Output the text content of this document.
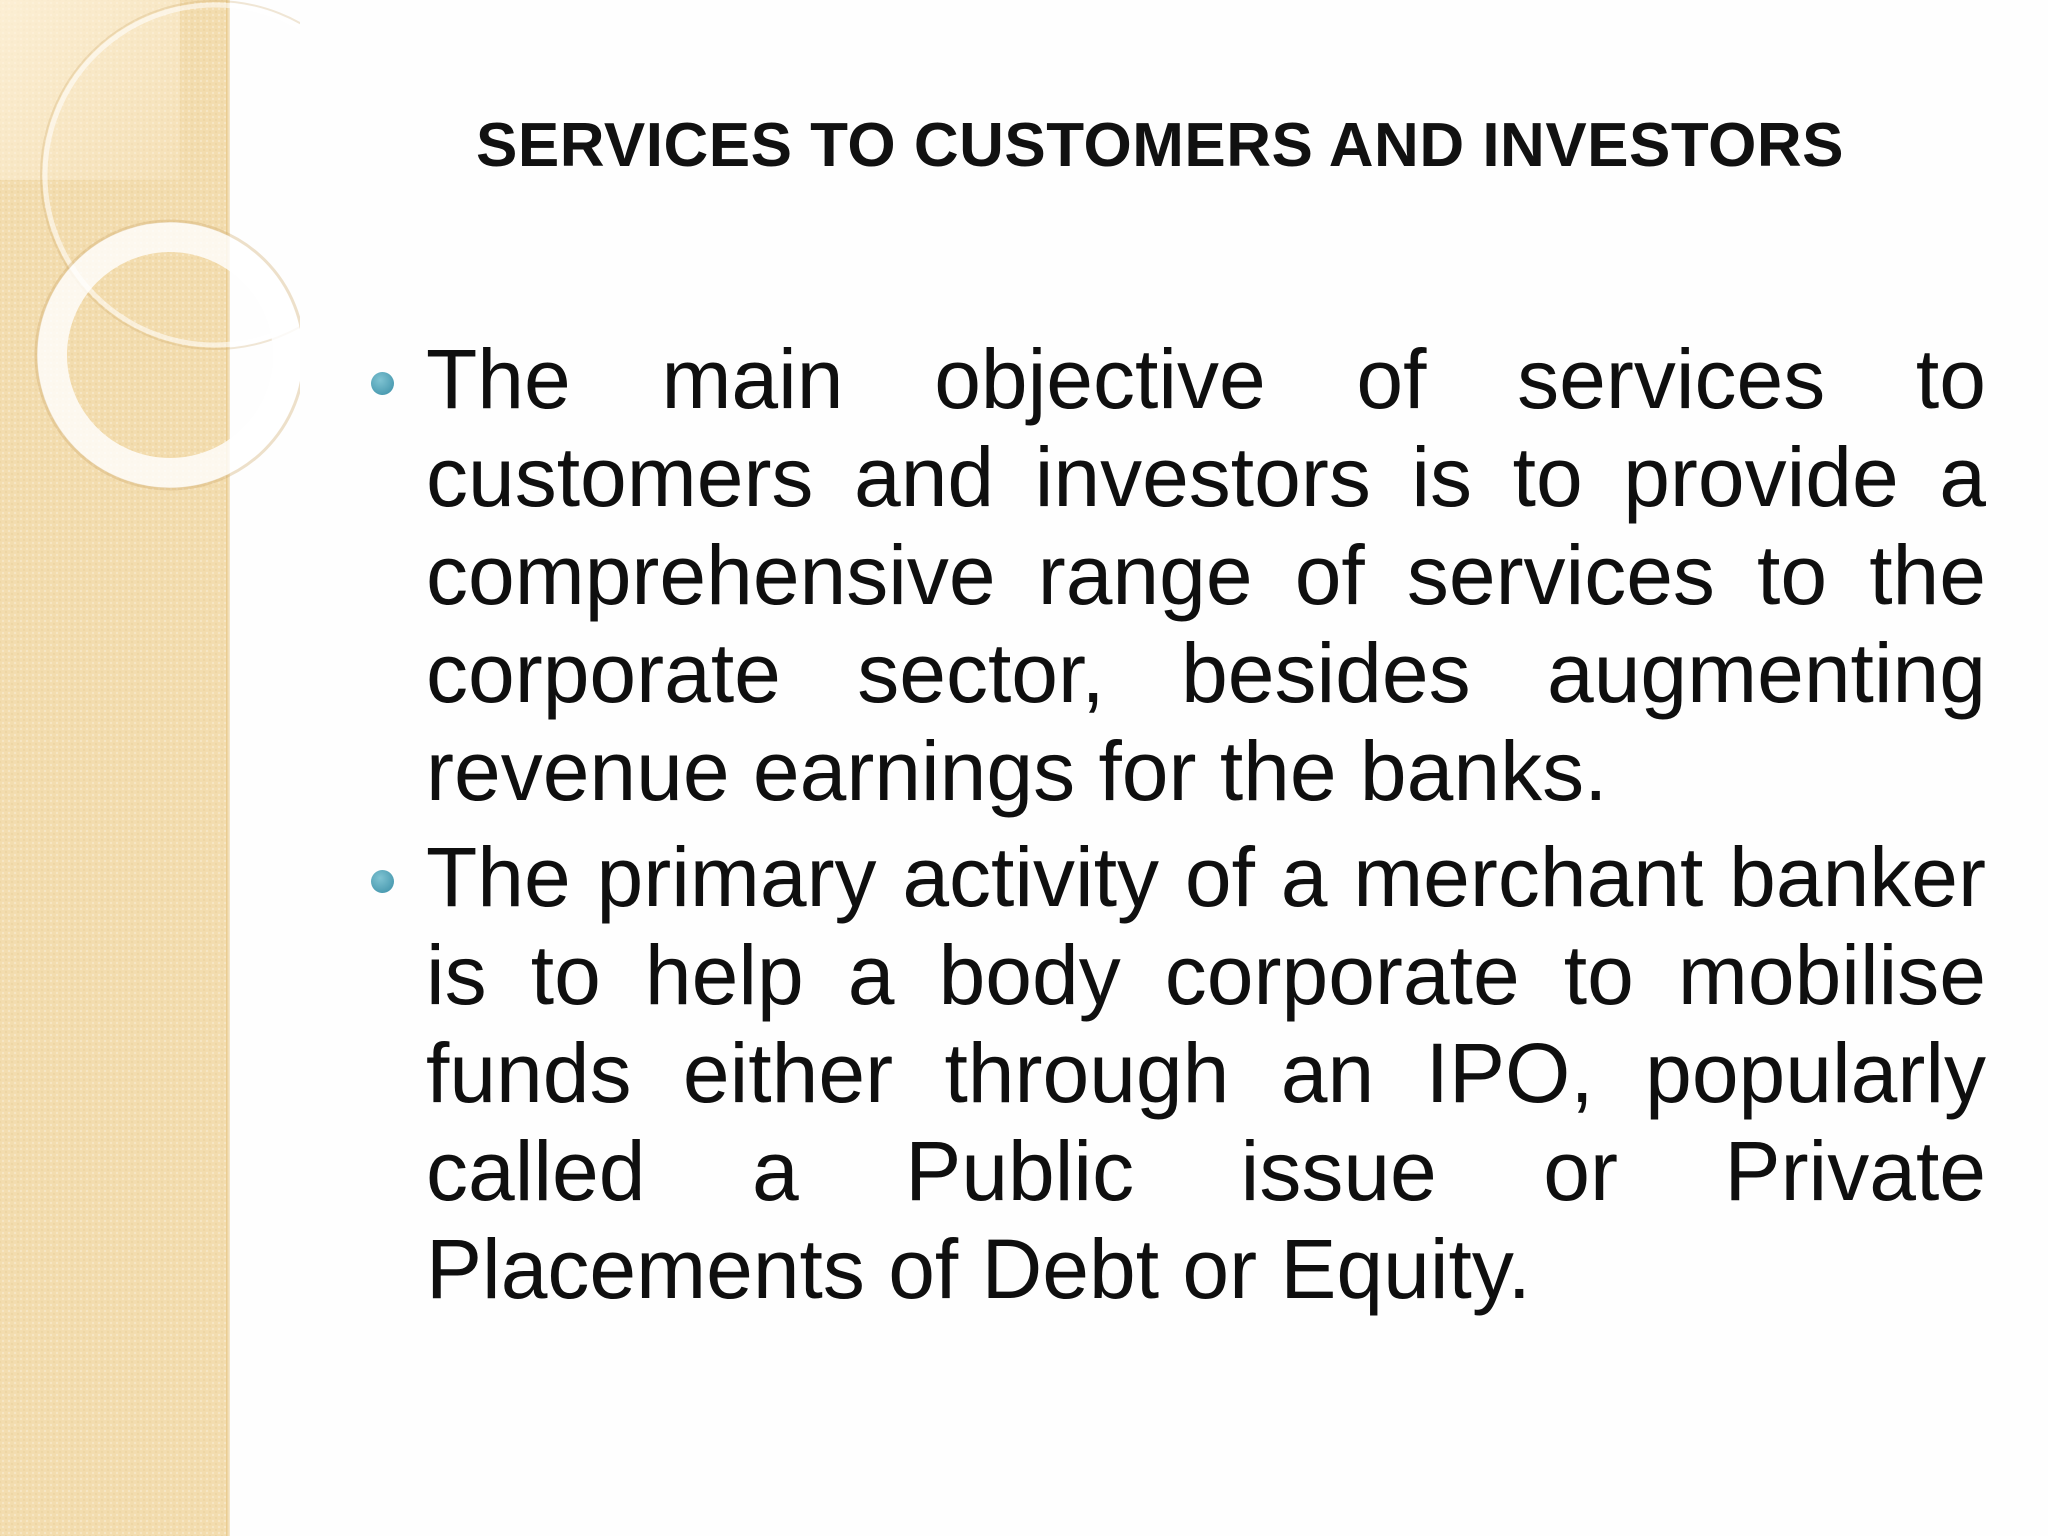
SERVICES TO CUSTOMERS AND INVESTORS
The main objective of services to customers and investors is to provide a comprehensive range of services to the corporate sector, besides augmenting revenue earnings for the banks.
The primary activity of a merchant banker is to help a body corporate to mobilise funds either through an IPO, popularly called a Public issue or Private Placements of Debt or Equity.
